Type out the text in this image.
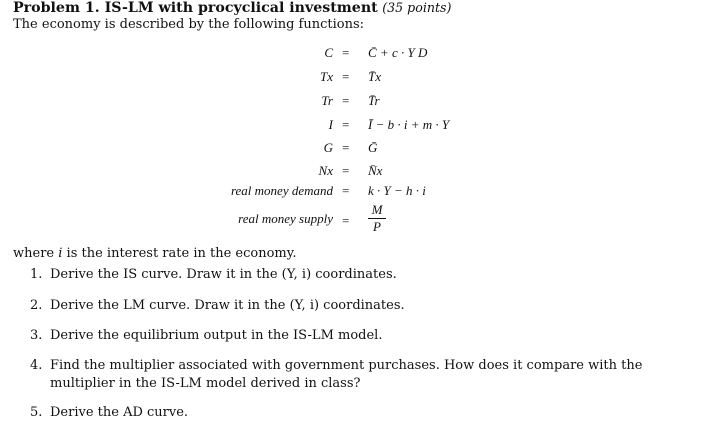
Problem 1. IS-LM with procyclical investment (35 points)
The economy is described by the following functions:
C = C̄ + c · Y D
Tx = T̄x
Tr = T̄r
I = Ī − b · i + m · Y
G = Ḡ
Nx = N̄x
real money demand = k · Y − h · i
real money supply =
M
P
where i is the interest rate in the economy.
1. Derive the IS curve. Draw it in the (Y, i) coordinates.
2. Derive the LM curve. Draw it in the (Y, i) coordinates.
3. Derive the equilibrium output in the IS-LM model.
4. Find the multiplier associated with government purchases. How does it compare with the multiplier in the IS-LM model derived in class?
5. Derive the AD curve.
